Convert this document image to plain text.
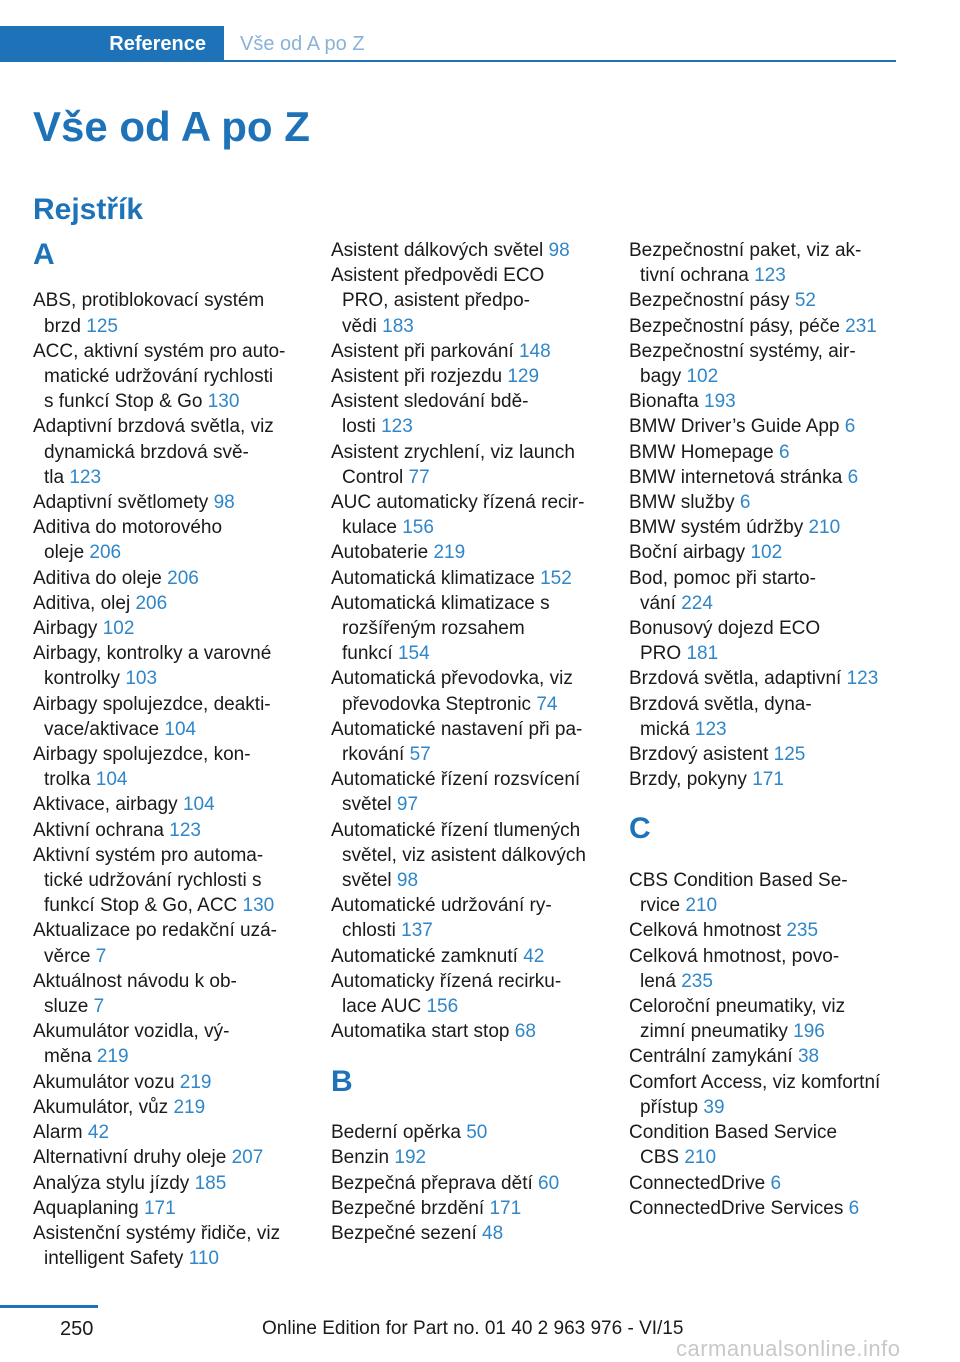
Reference	Vše od A po Z
Vše od A po Z
Rejstřík
A
ABS, protiblokovací systém
brzd 125
ACC, aktivní systém pro auto-
matické udržování rychlosti
s funkcí Stop & Go 130
Adaptivní brzdová světla, viz
dynamická brzdová svě-
tla 123
Adaptivní světlomety 98
Aditiva do motorového
oleje 206
Aditiva do oleje 206
Aditiva, olej 206
Airbagy 102
Airbagy, kontrolky a varovné
kontrolky 103
Airbagy spolujezdce, deakti-
vace/aktivace 104
Airbagy spolujezdce, kon-
trolka 104
Aktivace, airbagy 104
Aktivní ochrana 123
Aktivní systém pro automa-
tické udržování rychlosti s
funkcí Stop & Go, ACC 130
Aktualizace po redakční uzá-
věrce 7
Aktuálnost návodu k ob-
sluze 7
Akumulátor vozidla, vý-
měna 219
Akumulátor vozu 219
Akumulátor, vůz 219
Alarm 42
Alternativní druhy oleje 207
Analýza stylu jízdy 185
Aquaplaning 171
Asistenční systémy řidiče, viz
intelligent Safety 110
Asistent dálkových světel 98
Asistent předpovědi ECO
PRO, asistent předpo-
vědi 183
Asistent při parkování 148
Asistent při rozjezdu 129
Asistent sledování bdě-
losti 123
Asistent zrychlení, viz launch
Control 77
AUC automaticky řízená recir-
kulace 156
Autobaterie 219
Automatická klimatizace 152
Automatická klimatizace s
rozšířeným rozsahem
funkcí 154
Automatická převodovka, viz
převodovka Steptronic 74
Automatické nastavení při pa-
rkování 57
Automatické řízení rozsvícení
světel 97
Automatické řízení tlumených
světel, viz asistent dálkových
světel 98
Automatické udržování ry-
chlosti 137
Automatické zamknutí 42
Automaticky řízená recirku-
lace AUC 156
Automatika start stop 68
B
Bederní opěrka 50
Benzin 192
Bezpečná přeprava dětí 60
Bezpečné brzdění 171
Bezpečné sezení 48
Bezpečnostní paket, viz ak-
tivní ochrana 123
Bezpečnostní pásy 52
Bezpečnostní pásy, péče 231
Bezpečnostní systémy, air-
bagy 102
Bionafta 193
BMW Driver’s Guide App 6
BMW Homepage 6
BMW internetová stránka 6
BMW služby 6
BMW systém údržby 210
Boční airbagy 102
Bod, pomoc při starto-
vání 224
Bonusový dojezd ECO
PRO 181
Brzdová světla, adaptivní 123
Brzdová světla, dyna-
mická 123
Brzdový asistent 125
Brzdy, pokyny 171
C
CBS Condition Based Se-
rvice 210
Celková hmotnost 235
Celková hmotnost, povo-
lená 235
Celoroční pneumatiky, viz
zimní pneumatiky 196
Centrální zamykání 38
Comfort Access, viz komfortní
přístup 39
Condition Based Service
CBS 210
ConnectedDrive 6
ConnectedDrive Services 6
250	Online Edition for Part no. 01 40 2 963 976 - VI/15
carmanualsonline.info
